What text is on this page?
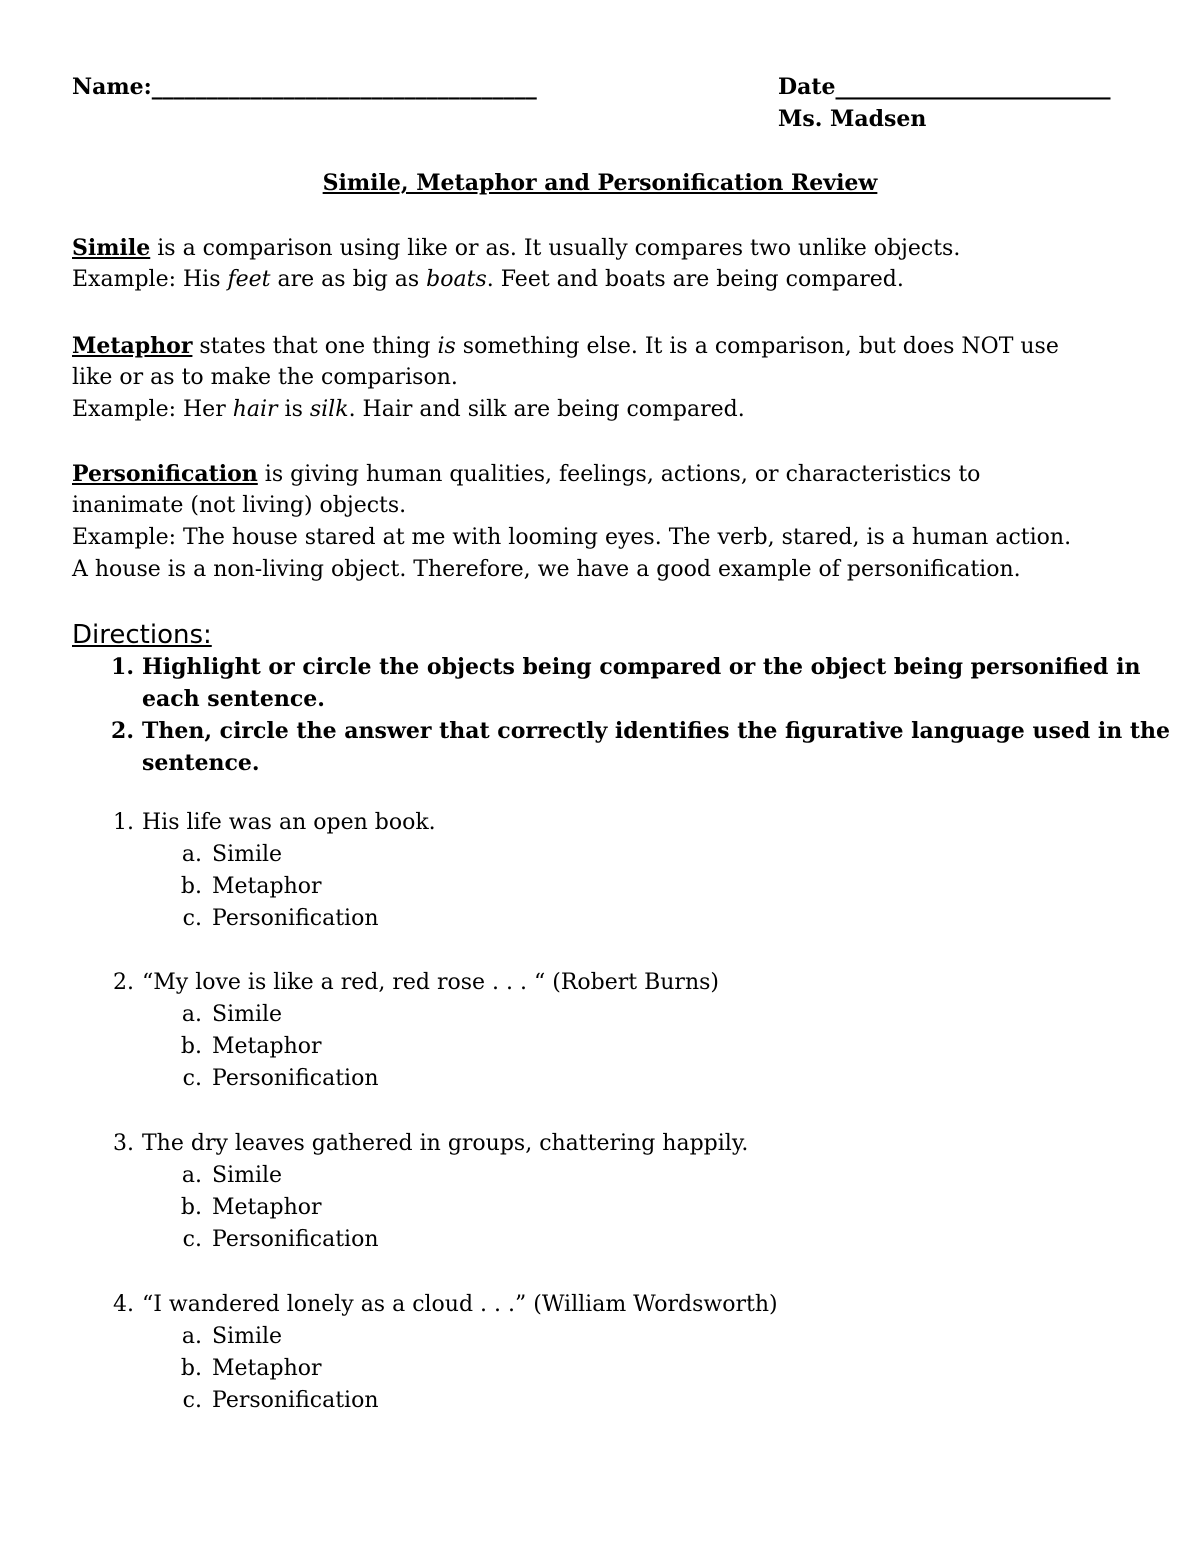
Name:___________________________________	Date_________________________
Ms. Madsen
Simile, Metaphor and Personification Review
Simile is a comparison using like or as. It usually compares two unlike objects.
Example: His feet are as big as boats. Feet and boats are being compared.
Metaphor states that one thing is something else. It is a comparison, but does NOT use
like or as to make the comparison.
Example: Her hair is silk. Hair and silk are being compared.
Personification is giving human qualities, feelings, actions, or characteristics to
inanimate (not living) objects.
Example: The house stared at me with looming eyes. The verb, stared, is a human action.
A house is a non-living object. Therefore, we have a good example of personification.
Directions:
1. Highlight or circle the objects being compared or the object being personified in
each sentence.
2. Then, circle the answer that correctly identifies the figurative language used in the
sentence.
1. His life was an open book.
a. Simile
b. Metaphor
c. Personification
2. “My love is like a red, red rose . . . “ (Robert Burns)
a. Simile
b. Metaphor
c. Personification
3. The dry leaves gathered in groups, chattering happily.
a. Simile
b. Metaphor
c. Personification
4. “I wandered lonely as a cloud . . .” (William Wordsworth)
a. Simile
b. Metaphor
c. Personification
